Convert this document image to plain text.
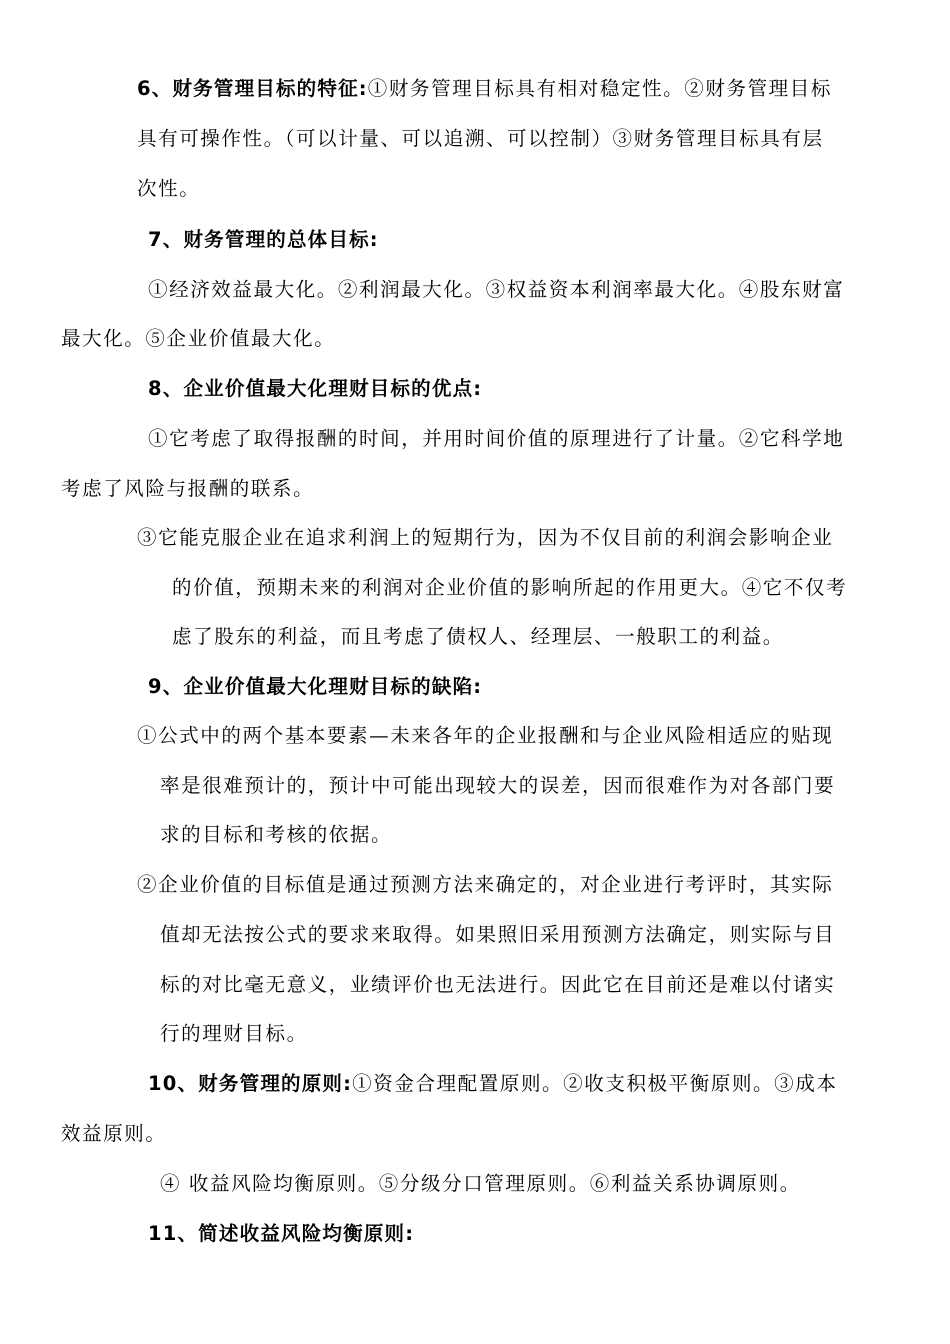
6、财务管理目标的特征:①财务管理目标具有相对稳定性。②财务管理目标
具有可操作性。（可以计量、可以追溯、可以控制）③财务管理目标具有层
次性。
7、财务管理的总体目标:
①经济效益最大化。②利润最大化。③权益资本利润率最大化。④股东财富
最大化。⑤企业价值最大化。
8、企业价值最大化理财目标的优点:
①它考虑了取得报酬的时间，并用时间价值的原理进行了计量。②它科学地
考虑了风险与报酬的联系。
③它能克服企业在追求利润上的短期行为，因为不仅目前的利润会影响企业
的价值，预期未来的利润对企业价值的影响所起的作用更大。④它不仅考
虑了股东的利益，而且考虑了债权人、经理层、一般职工的利益。
9、企业价值最大化理财目标的缺陷:
①公式中的两个基本要素—未来各年的企业报酬和与企业风险相适应的贴现
率是很难预计的，预计中可能出现较大的误差，因而很难作为对各部门要
求的目标和考核的依据。
②企业价值的目标值是通过预测方法来确定的，对企业进行考评时，其实际
值却无法按公式的要求来取得。如果照旧采用预测方法确定，则实际与目
标的对比毫无意义，业绩评价也无法进行。因此它在目前还是难以付诸实
行的理财目标。
10、财务管理的原则:①资金合理配置原则。②收支积极平衡原则。③成本
效益原则。
④ 收益风险均衡原则。⑤分级分口管理原则。⑥利益关系协调原则。
11、简述收益风险均衡原则:
